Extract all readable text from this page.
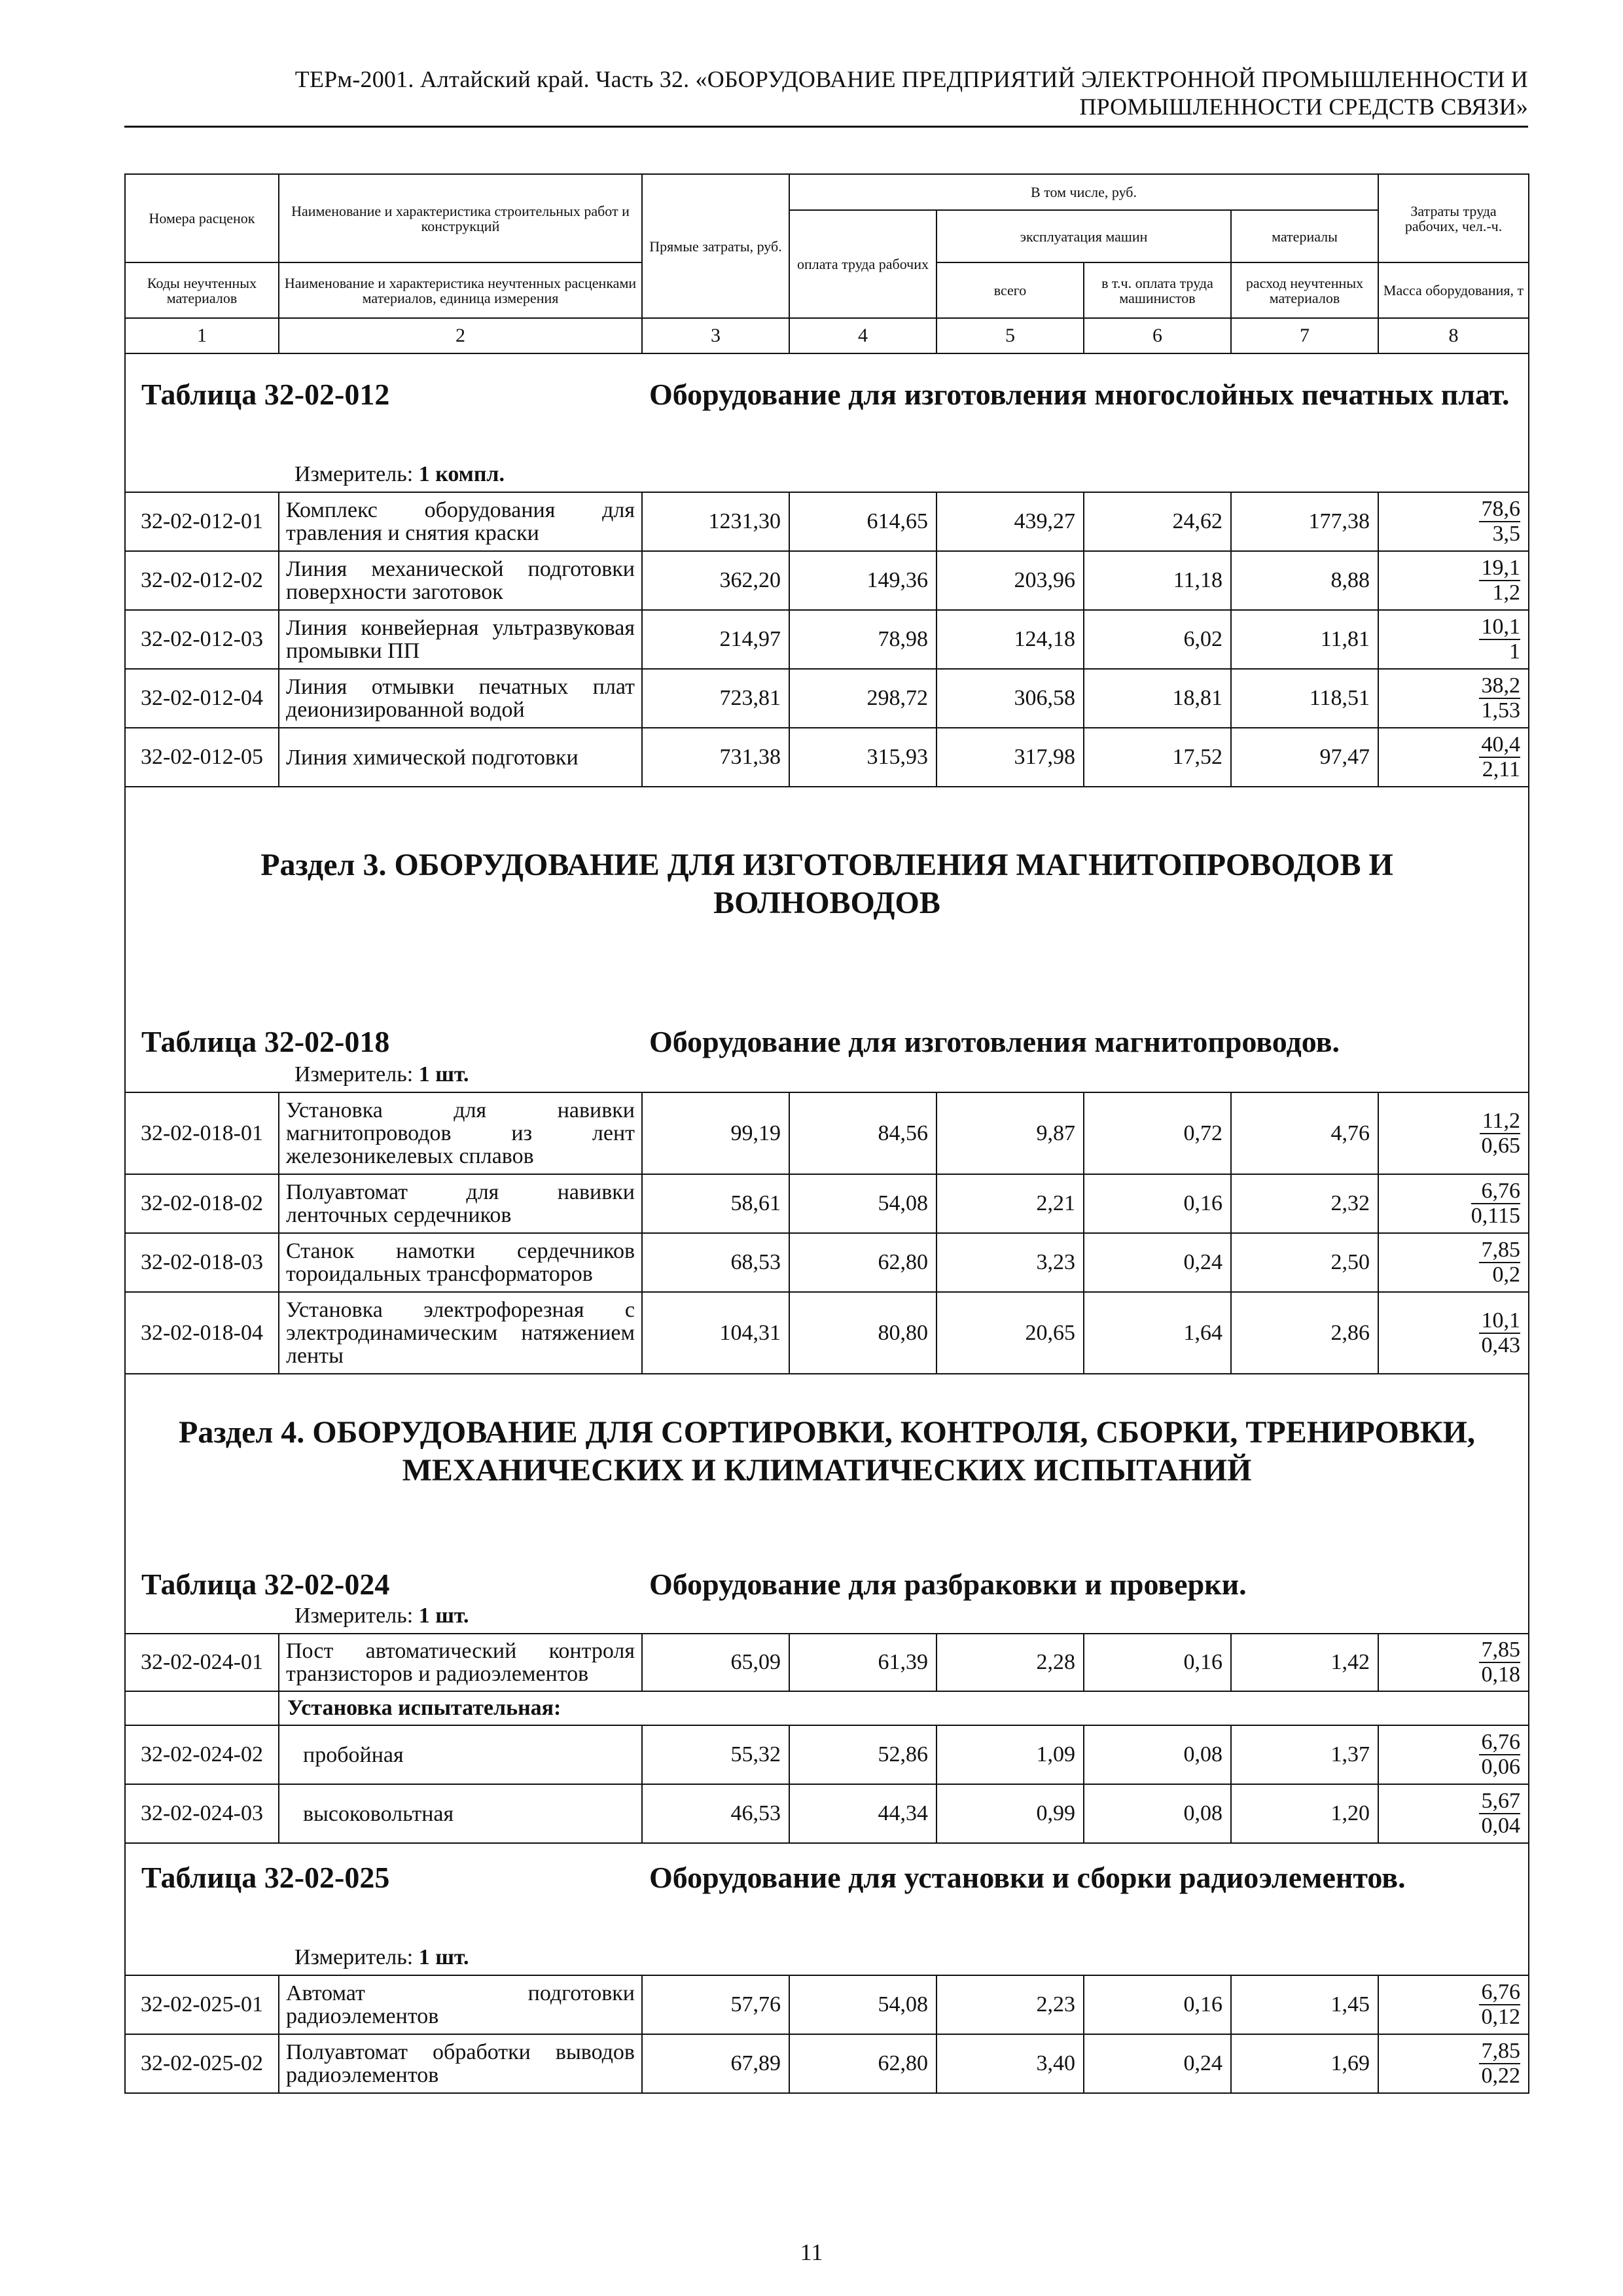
ТЕРм-2001. Алтайский край. Часть 32. «ОБОРУДОВАНИЕ ПРЕДПРИЯТИЙ ЭЛЕКТРОННОЙ ПРОМЫШЛЕННОСТИ И
ПРОМЫШЛЕННОСТИ СРЕДСТВ СВЯЗИ»
Номера расценок	Наименование и характеристика строительных работ и конструкций	Прямые затраты, руб.	В том числе, руб.				Затраты труда рабочих, чел.-ч.
			оплата труда рабочих	эксплуатация машин		материалы	
Коды неучтенных материалов	Наименование и характеристика неучтенных расценками материалов, единица измерения			всего	в т.ч. оплата труда машинистов	расход неучтенных материалов	Масса оборудования, т
1	2	3	4	5	6	7	8

Таблица 32-02-012 Оборудование для изготовления многослойных печатных плат.
Измеритель: 1 компл.							

32-02-012-01	Комплекс оборудования для травления и снятия краски	1231,30	614,65	439,27	24,62	177,38	$\frac{78,6}{3,5}$

32-02-012-02	Линия механической подготовки поверхности заготовок	362,20	149,36	203,96	11,18	8,88	$\frac{19,1}{1,2}$

32-02-012-03	Линия конвейерная ультразвуковая промывки ПП	214,97	78,98	124,18	6,02	11,81	$\frac{10,1}{1}$

32-02-012-04	Линия отмывки печатных плат деионизированной водой	723,81	298,72	306,58	18,81	118,51	$\frac{38,2}{1,53}$

32-02-012-05	Линия химической подготовки	731,38	315,93	317,98	17,52	97,47	$\frac{40,4}{2,11}$

Раздел 3. ОБОРУДОВАНИЕ ДЛЯ ИЗГОТОВЛЕНИЯ МАГНИТОПРОВОДОВ И
ВОЛНОВОДОВ							

Таблица 32-02-018 Оборудование для изготовления магнитопроводов.
Измеритель: 1 шт.							

32-02-018-01	Установка для навивки магнитопроводов из лент железоникелевых сплавов	99,19	84,56	9,87	0,72	4,76	$\frac{11,2}{0,65}$

32-02-018-02	Полуавтомат для навивки ленточных сердечников	58,61	54,08	2,21	0,16	2,32	$\frac{6,76}{0,115}$

32-02-018-03	Станок намотки сердечников тороидальных трансформаторов	68,53	62,80	3,23	0,24	2,50	$\frac{7,85}{0,2}$

32-02-018-04	Установка электрофорезная с электродинамическим натяжением ленты	104,31	80,80	20,65	1,64	2,86	$\frac{10,1}{0,43}$

Раздел 4. ОБОРУДОВАНИЕ ДЛЯ СОРТИРОВКИ, КОНТРОЛЯ, СБОРКИ, ТРЕНИРОВКИ,
МЕХАНИЧЕСКИХ И КЛИМАТИЧЕСКИХ ИСПЫТАНИЙ							

Таблица 32-02-024 Оборудование для разбраковки и проверки.
Измеритель: 1 шт.							

32-02-024-01	Пост автоматический контроля транзисторов и радиоэлементов	65,09	61,39	2,28	0,16	1,42	$\frac{7,85}{0,18}$

	Установка испытательная:						
32-02-024-02	пробойная	55,32	52,86	1,09	0,08	1,37	$\frac{6,76}{0,06}$

32-02-024-03	высоковольтная	46,53	44,34	0,99	0,08	1,20	$\frac{5,67}{0,04}$

Таблица 32-02-025 Оборудование для установки и сборки радиоэлементов.
Измеритель: 1 шт.							

32-02-025-01	Автомат подготовки радиоэлементов	57,76	54,08	2,23	0,16	1,45	$\frac{6,76}{0,12}$

32-02-025-02	Полуавтомат обработки выводов радиоэлементов	67,89	62,80	3,40	0,24	1,69	$\frac{7,85}{0,22}$
11
